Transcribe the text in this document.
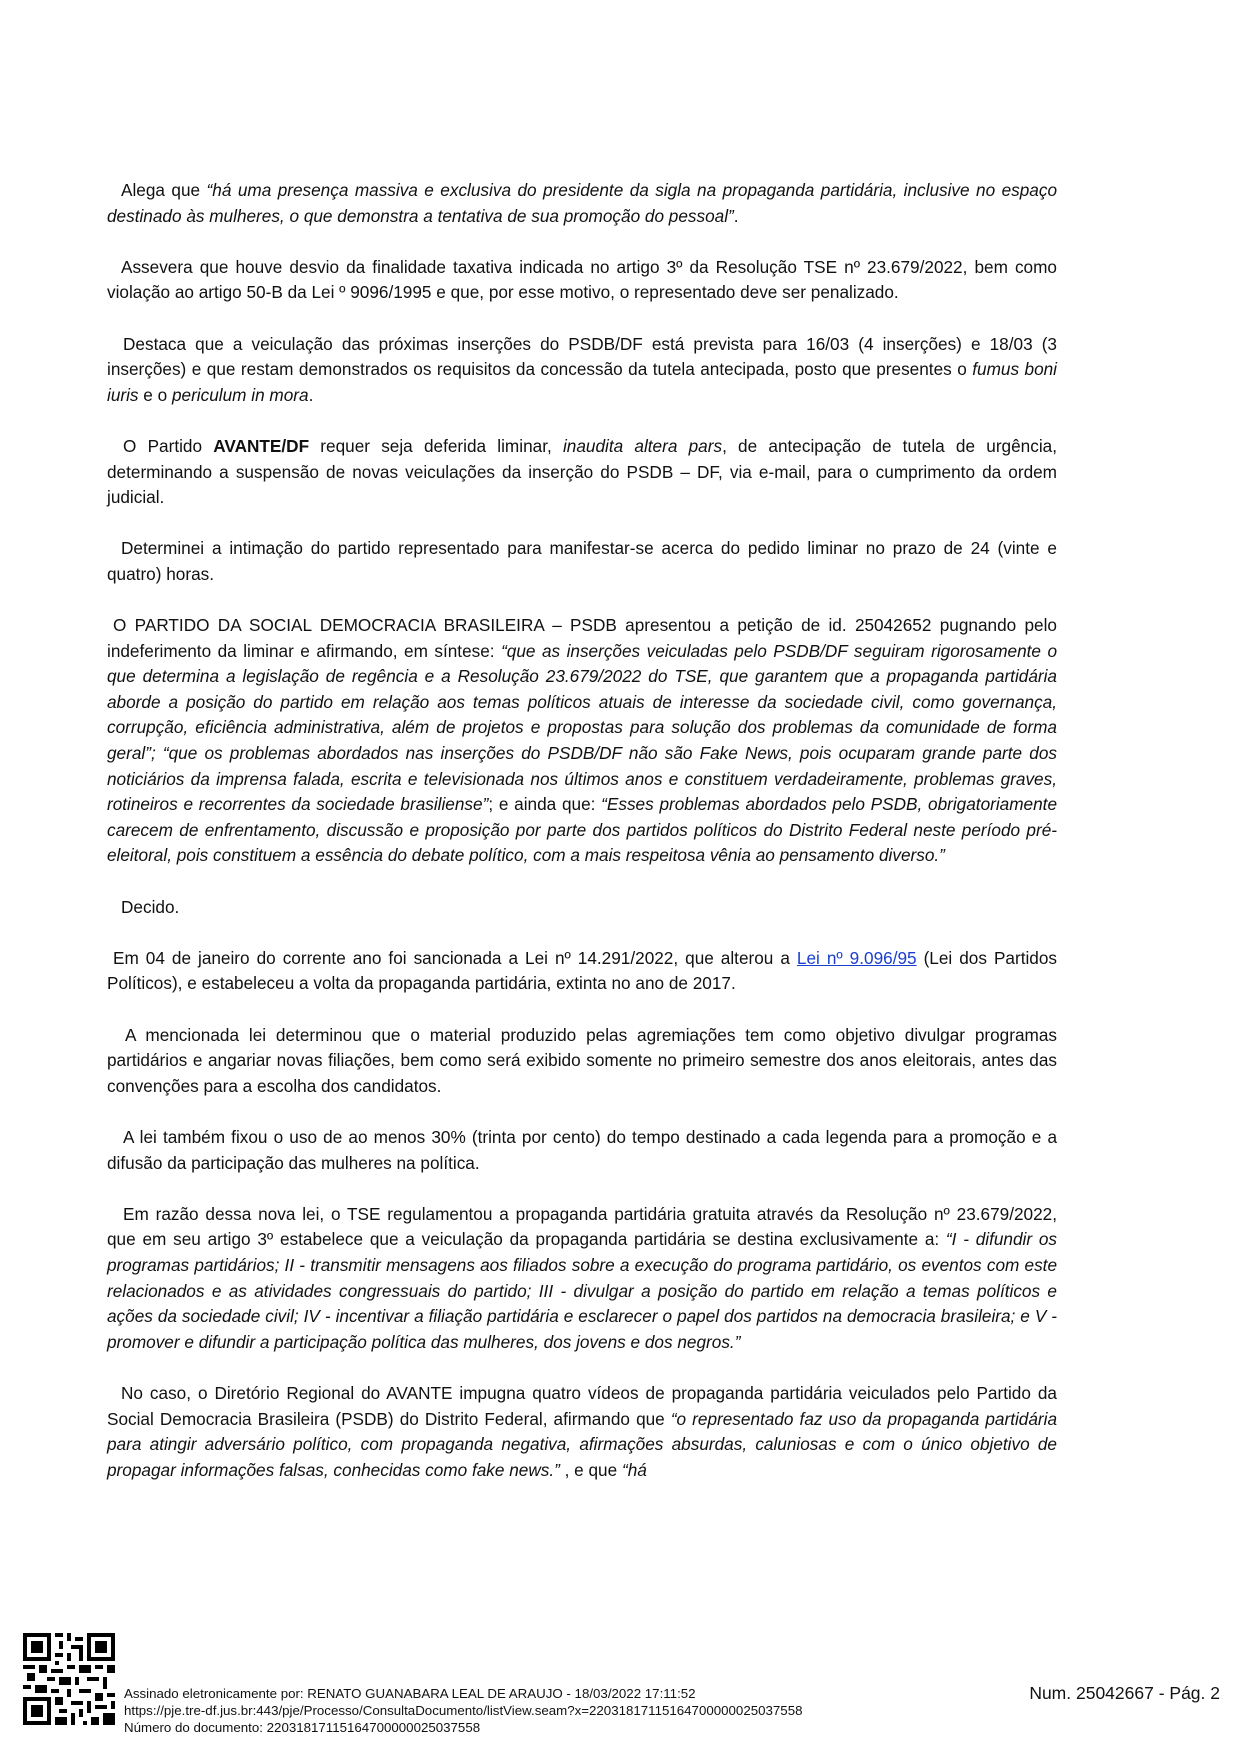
Alega que “há uma presença massiva e exclusiva do presidente da sigla na propaganda partidária, inclusive no espaço destinado às mulheres, o que demonstra a tentativa de sua promoção do pessoal”.

Assevera que houve desvio da finalidade taxativa indicada no artigo 3º da Resolução TSE nº 23.679/2022, bem como violação ao artigo 50-B da Lei º 9096/1995 e que, por esse motivo, o representado deve ser penalizado.

Destaca que a veiculação das próximas inserções do PSDB/DF está prevista para 16/03 (4 inserções) e 18/03 (3 inserções) e que restam demonstrados os requisitos da concessão da tutela antecipada, posto que presentes o fumus boni iuris e o periculum in mora.

O Partido AVANTE/DF requer seja deferida liminar, inaudita altera pars, de antecipação de tutela de urgência, determinando a suspensão de novas veiculações da inserção do PSDB – DF, via e-mail, para o cumprimento da ordem judicial.

Determinei a intimação do partido representado para manifestar-se acerca do pedido liminar no prazo de 24 (vinte e quatro) horas.

O PARTIDO DA SOCIAL DEMOCRACIA BRASILEIRA – PSDB apresentou a petição de id. 25042652 pugnando pelo indeferimento da liminar e afirmando, em síntese: “que as inserções veiculadas pelo PSDB/DF seguiram rigorosamente o que determina a legislação de regência e a Resolução 23.679/2022 do TSE, que garantem que a propaganda partidária aborde a posição do partido em relação aos temas políticos atuais de interesse da sociedade civil, como governança, corrupção, eficiência administrativa, além de projetos e propostas para solução dos problemas da comunidade de forma geral”; “que os problemas abordados nas inserções do PSDB/DF não são Fake News, pois ocuparam grande parte dos noticiários da imprensa falada, escrita e televisionada nos últimos anos e constituem verdadeiramente, problemas graves, rotineiros e recorrentes da sociedade brasiliense”; e ainda que: “Esses problemas abordados pelo PSDB, obrigatoriamente carecem de enfrentamento, discussão e proposição por parte dos partidos políticos do Distrito Federal neste período pré-eleitoral, pois constituem a essência do debate político, com a mais respeitosa vênia ao pensamento diverso.”

Decido.

Em 04 de janeiro do corrente ano foi sancionada a Lei nº 14.291/2022, que alterou a Lei nº 9.096/95 (Lei dos Partidos Políticos), e estabeleceu a volta da propaganda partidária, extinta no ano de 2017.

A mencionada lei determinou que o material produzido pelas agremiações tem como objetivo divulgar programas partidários e angariar novas filiações, bem como será exibido somente no primeiro semestre dos anos eleitorais, antes das convenções para a escolha dos candidatos.

A lei também fixou o uso de ao menos 30% (trinta por cento) do tempo destinado a cada legenda para a promoção e a difusão da participação das mulheres na política.

Em razão dessa nova lei, o TSE regulamentou a propaganda partidária gratuita através da Resolução nº 23.679/2022, que em seu artigo 3º estabelece que a veiculação da propaganda partidária se destina exclusivamente a: “I - difundir os programas partidários; II - transmitir mensagens aos filiados sobre a execução do programa partidário, os eventos com este relacionados e as atividades congressuais do partido; III - divulgar a posição do partido em relação a temas políticos e ações da sociedade civil; IV - incentivar a filiação partidária e esclarecer o papel dos partidos na democracia brasileira; e V - promover e difundir a participação política das mulheres, dos jovens e dos negros.”

No caso, o Diretório Regional do AVANTE impugna quatro vídeos de propaganda partidária veiculados pelo Partido da Social Democracia Brasileira (PSDB) do Distrito Federal, afirmando que “o representado faz uso da propaganda partidária para atingir adversário político, com propaganda negativa, afirmações absurdas, caluniosas e com o único objetivo de propagar informações falsas, conhecidas como fake news.” , e que “há

Assinado eletronicamente por: RENATO GUANABARA LEAL DE ARAUJO - 18/03/2022 17:11:52
https://pje.tre-df.jus.br:443/pje/Processo/ConsultaDocumento/listView.seam?x=22031817115164700000025037558
Número do documento: 22031817115164700000025037558
Num. 25042667 - Pág. 2
